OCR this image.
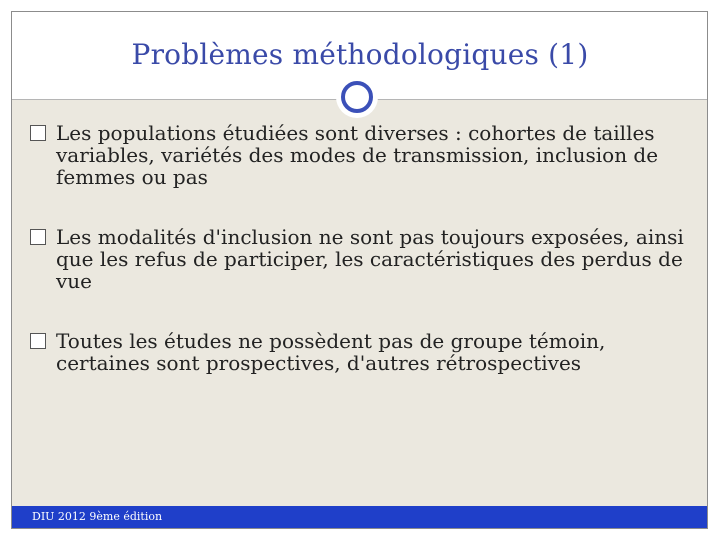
Problèmes méthodologiques (1)
Les populations étudiées sont diverses : cohortes de tailles variables, variétés des modes de transmission, inclusion de femmes ou pas
Les modalités d'inclusion ne sont pas toujours exposées, ainsi que les refus de participer, les caractéristiques des perdus de vue
Toutes les études ne possèdent pas de groupe témoin, certaines sont prospectives, d'autres rétrospectives
DIU 2012 9ème édition
